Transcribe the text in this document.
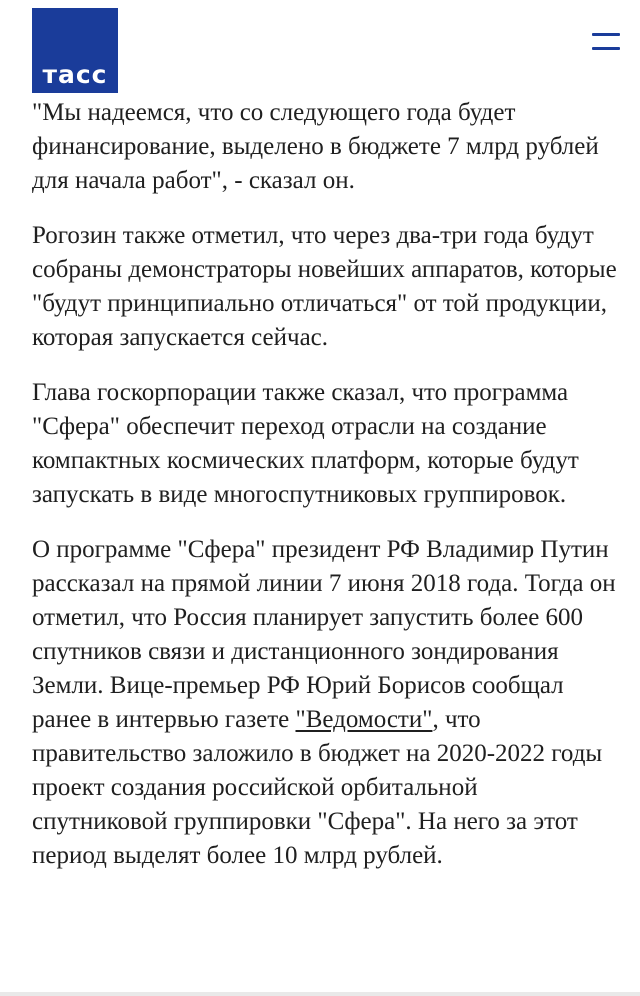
тасс

"Мы надеемся, что со следующего года будет финансирование, выделено в бюджете 7 млрд рублей для начала работ", - сказал он.

Рогозин также отметил, что через два-три года будут собраны демонстраторы новейших аппаратов, которые "будут принципиально отличаться" от той продукции, которая запускается сейчас.

Глава госкорпорации также сказал, что программа "Сфера" обеспечит переход отрасли на создание компактных космических платформ, которые будут запускать в виде многоспутниковых группировок.

О программе "Сфера" президент РФ Владимир Путин рассказал на прямой линии 7 июня 2018 года. Тогда он отметил, что Россия планирует запустить более 600 спутников связи и дистанционного зондирования Земли. Вице-премьер РФ Юрий Борисов сообщал ранее в интервью газете "Ведомости", что правительство заложило в бюджет на 2020-2022 годы проект создания российской орбитальной спутниковой группировки "Сфера". На него за этот период выделят более 10 млрд рублей.
